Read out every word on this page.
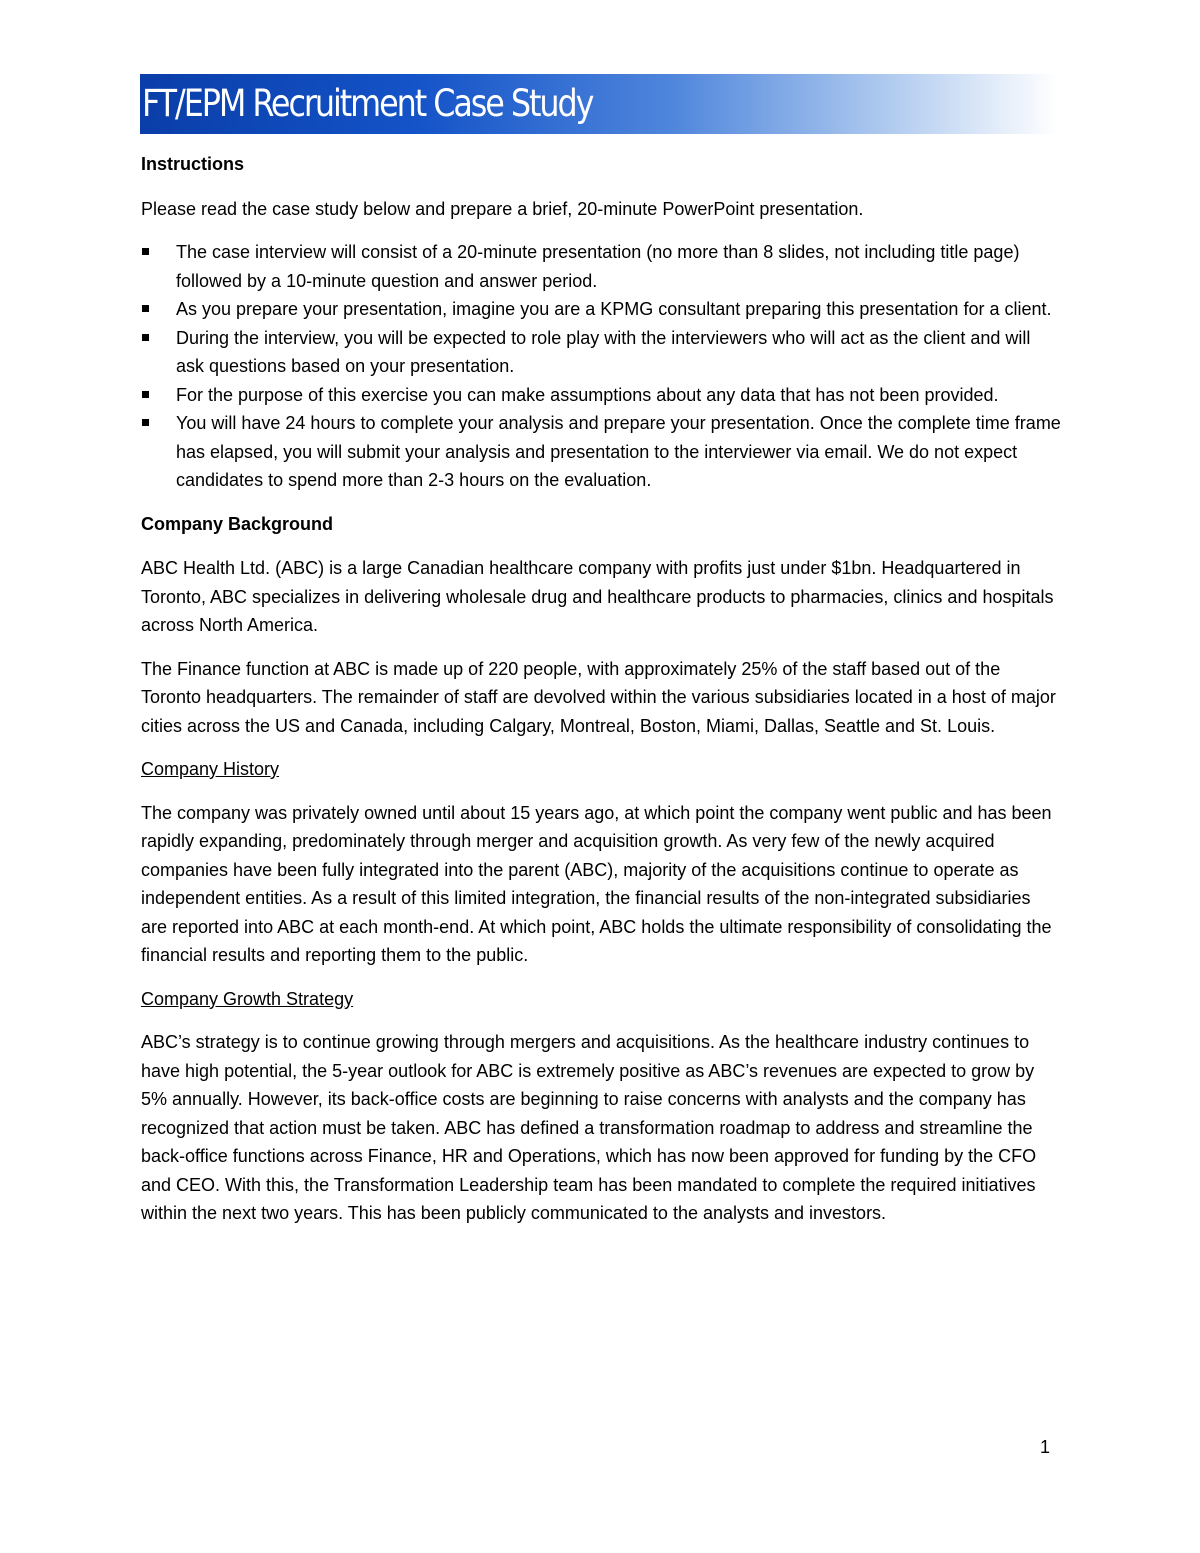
FT/EPM Recruitment Case Study
Instructions

Please read the case study below and prepare a brief, 20-minute PowerPoint presentation.

The case interview will consist of a 20-minute presentation (no more than 8 slides, not including title page) followed by a 10-minute question and answer period.
As you prepare your presentation, imagine you are a KPMG consultant preparing this presentation for a client.
During the interview, you will be expected to role play with the interviewers who will act as the client and will ask questions based on your presentation.
For the purpose of this exercise you can make assumptions about any data that has not been provided.
You will have 24 hours to complete your analysis and prepare your presentation. Once the complete time frame has elapsed, you will submit your analysis and presentation to the interviewer via email. We do not expect candidates to spend more than 2-3 hours on the evaluation.
Company Background

ABC Health Ltd. (ABC) is a large Canadian healthcare company with profits just under $1bn. Headquartered in Toronto, ABC specializes in delivering wholesale drug and healthcare products to pharmacies, clinics and hospitals across North America.

The Finance function at ABC is made up of 220 people, with approximately 25% of the staff based out of the Toronto headquarters. The remainder of staff are devolved within the various subsidiaries located in a host of major cities across the US and Canada, including Calgary, Montreal, Boston, Miami, Dallas, Seattle and St. Louis.

Company History

The company was privately owned until about 15 years ago, at which point the company went public and has been rapidly expanding, predominately through merger and acquisition growth. As very few of the newly acquired companies have been fully integrated into the parent (ABC), majority of the acquisitions continue to operate as independent entities. As a result of this limited integration, the financial results of the non-integrated subsidiaries are reported into ABC at each month-end. At which point, ABC holds the ultimate responsibility of consolidating the financial results and reporting them to the public.

Company Growth Strategy

ABC’s strategy is to continue growing through mergers and acquisitions. As the healthcare industry continues to have high potential, the 5-year outlook for ABC is extremely positive as ABC’s revenues are expected to grow by 5% annually. However, its back-office costs are beginning to raise concerns with analysts and the company has recognized that action must be taken. ABC has defined a transformation roadmap to address and streamline the back-office functions across Finance, HR and Operations, which has now been approved for funding by the CFO and CEO. With this, the Transformation Leadership team has been mandated to complete the required initiatives within the next two years. This has been publicly communicated to the analysts and investors.

1
